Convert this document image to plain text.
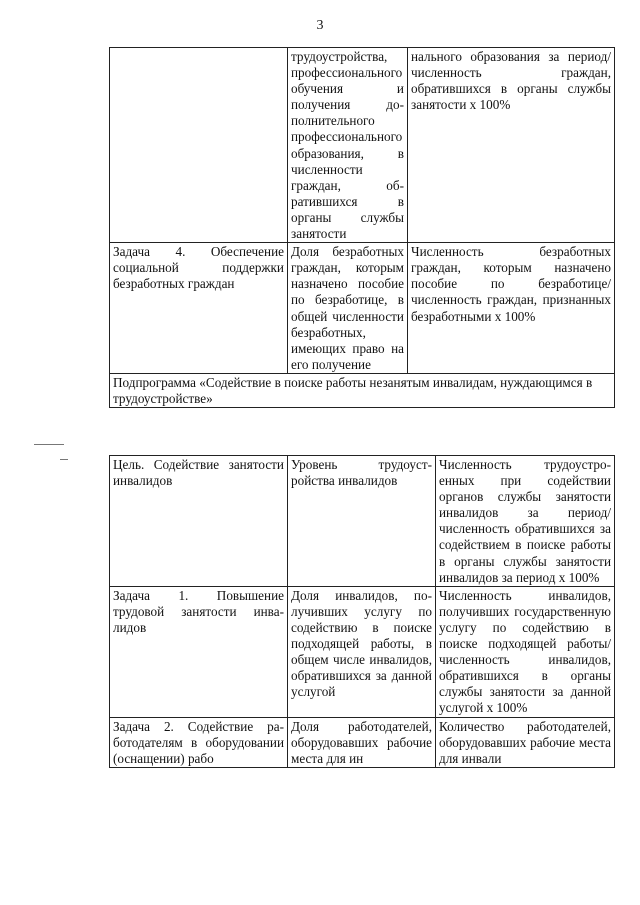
3
	трудоустройства, профессионального обучения и получения дополнительного профессионального образования, в численности граждан, обратившихся в органы службы занятости	нального образования за период/численность граждан, обратившихся в органы службы занятости х 100%
Задача 4. Обеспечение социальной поддержки безработных граждан	Доля безработных граждан, которым назначено пособие по безработице, в общей численности безработных, имеющих право на его получение	Численность безработных граждан, которым назначено пособие по безработице/численность граждан, признанных безработными х 100%
Подпрограмма «Содействие в поиске работы незанятым инвалидам, нуждающимся в трудоустройстве»		
Цель. Содействие занятости инвалидов	Уровень трудоустройства инвалидов	Численность трудоустроенных при содействии органов службы занятости инвалидов за период/численность обратившихся за содействием в поиске работы в органы службы занятости инвалидов за период х 100%
Задача 1. Повышение трудовой занятости инвалидов	Доля инвалидов, получивших услугу по содействию в поиске подходящей работы, в общем числе инвалидов, обратившихся за данной услугой	Численность инвалидов, получивших государственную услугу по содействию в поиске подходящей работы/численность инвалидов, обратившихся в органы службы занятости за данной услугой х 100%
Задача 2. Содействие работодателям в оборудовании (оснащении) рабо	Доля работодателей, оборудовавших рабочие места для ин	Количество работодателей, оборудовавших рабочие места для инвали
